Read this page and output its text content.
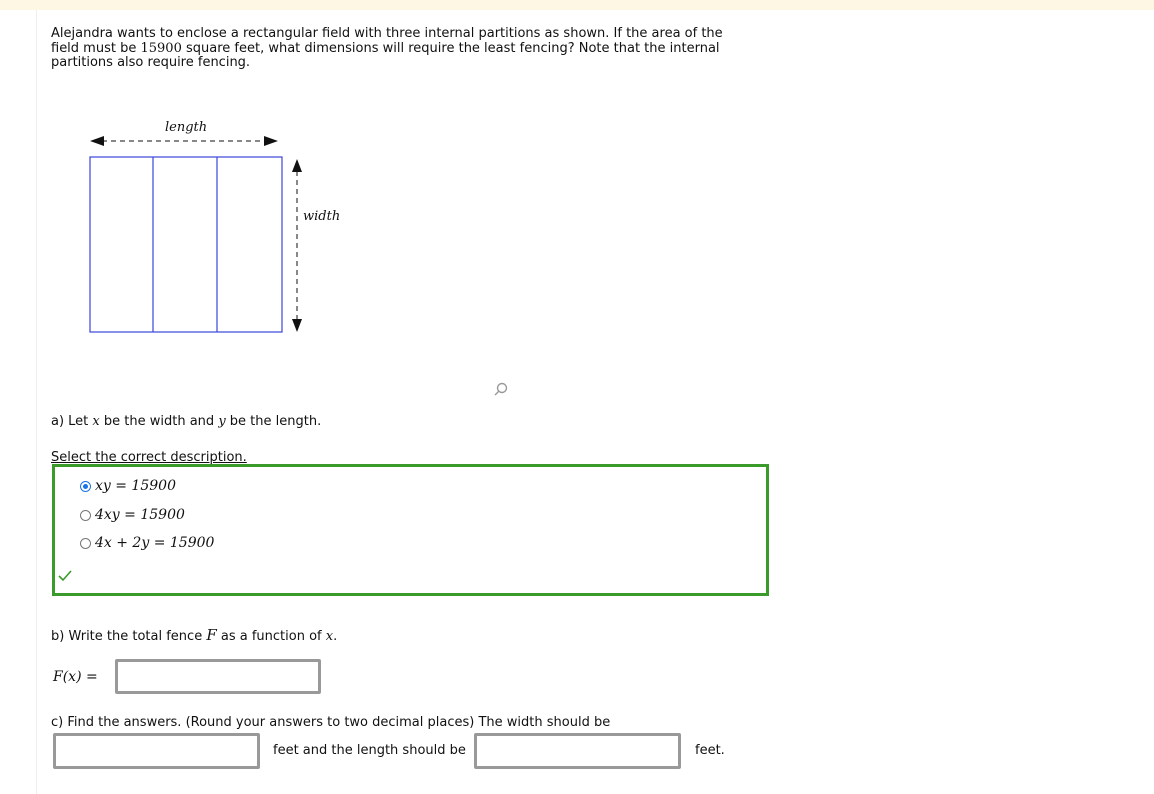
Alejandra wants to enclose a rectangular field with three internal partitions as shown. If the area of the field must be 15900 square feet, what dimensions will require the least fencing? Note that the internal partitions also require fencing.
length
width
a) Let x be the width and y be the length.
Select the correct description.
xy = 15900
4xy = 15900
4x + 2y = 15900
b) Write the total fence F as a function of x.
F(x) =
c) Find the answers. (Round your answers to two decimal places) The width should be
feet and the length should be	feet.
